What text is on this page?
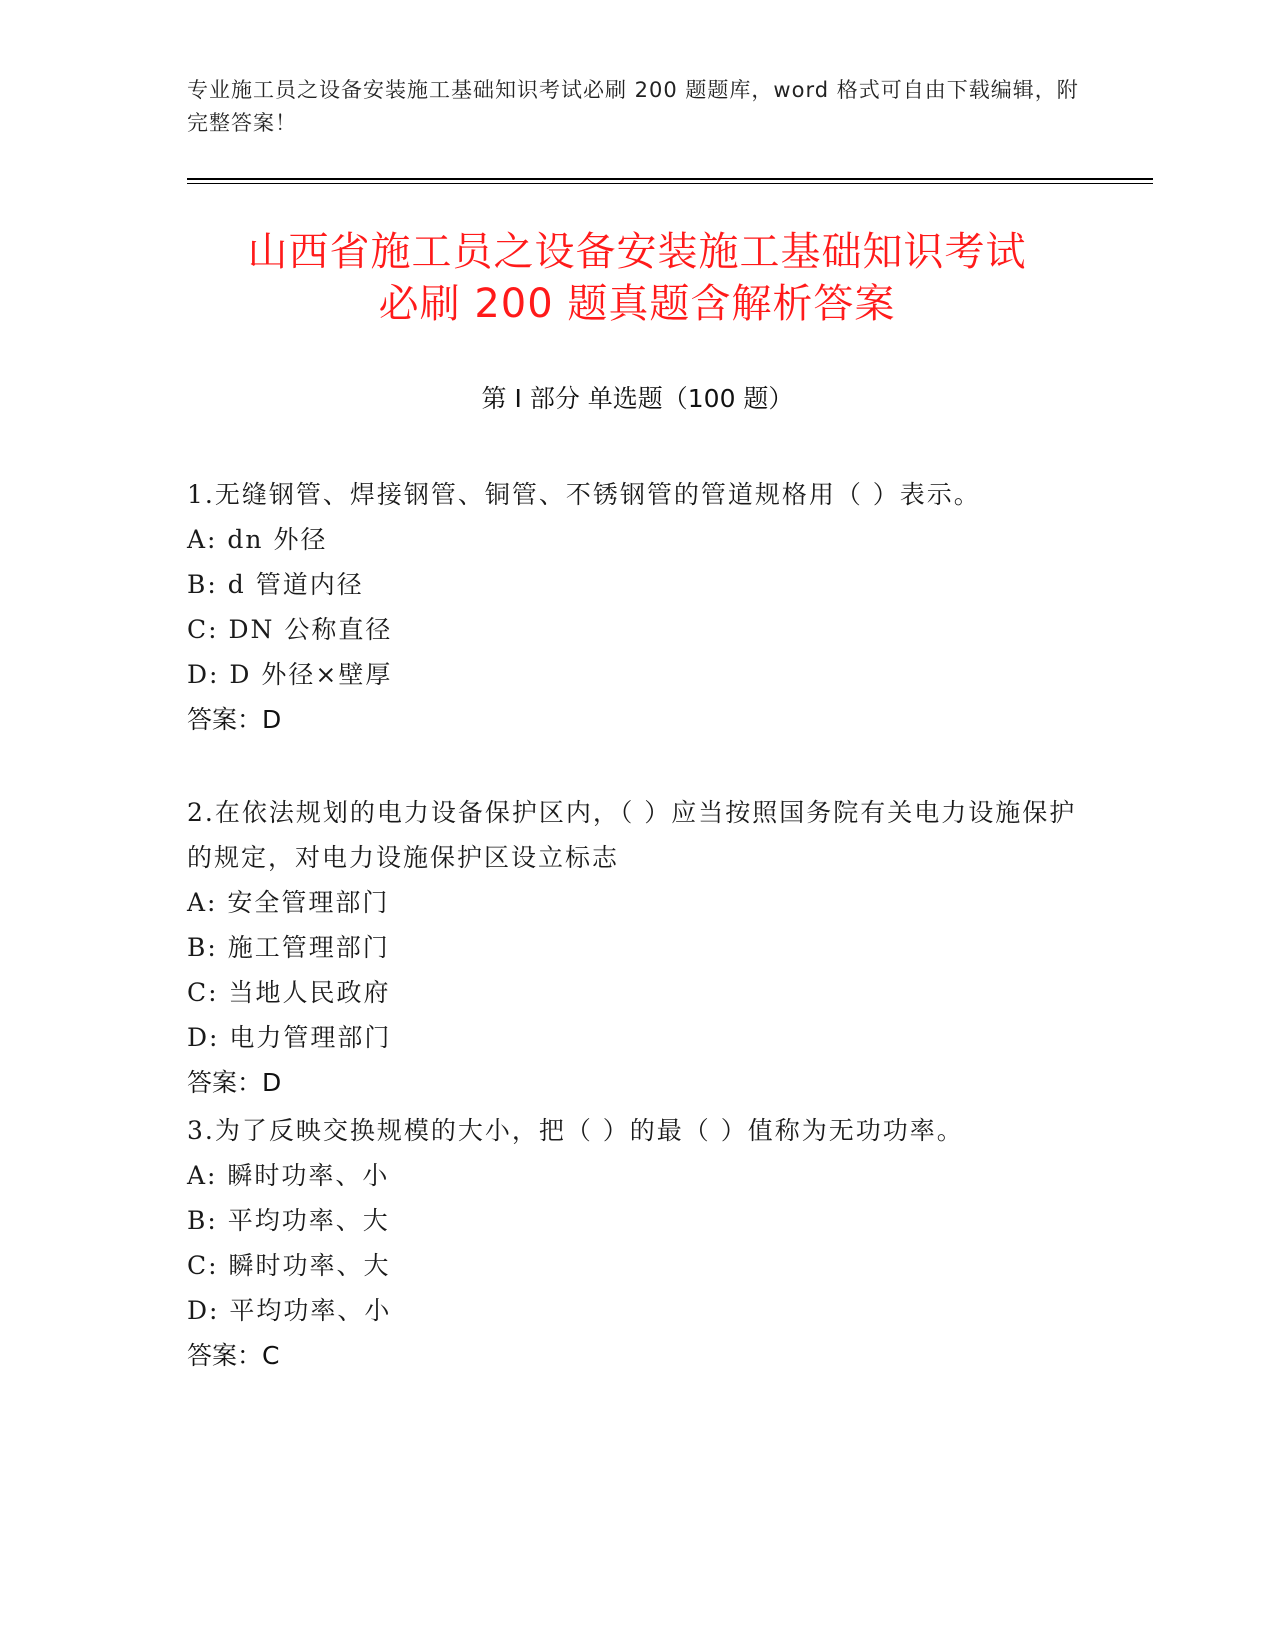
专业施工员之设备安装施工基础知识考试必刷 200 题题库，word 格式可自由下载编辑，附完整答案！
山西省施工员之设备安装施工基础知识考试
必刷 200 题真题含解析答案
第 I 部分 单选题（100 题）
1.无缝钢管、焊接钢管、铜管、不锈钢管的管道规格用（ ）表示。
A: dn 外径
B: d 管道内径
C: DN 公称直径
D: D 外径×壁厚
答案：D
2.在依法规划的电力设备保护区内，（ ）应当按照国务院有关电力设施保护的规定，对电力设施保护区设立标志
A: 安全管理部门
B: 施工管理部门
C: 当地人民政府
D: 电力管理部门
答案：D
3.为了反映交换规模的大小，把（ ）的最（ ）值称为无功功率。
A: 瞬时功率、小
B: 平均功率、大
C: 瞬时功率、大
D: 平均功率、小
答案：C
